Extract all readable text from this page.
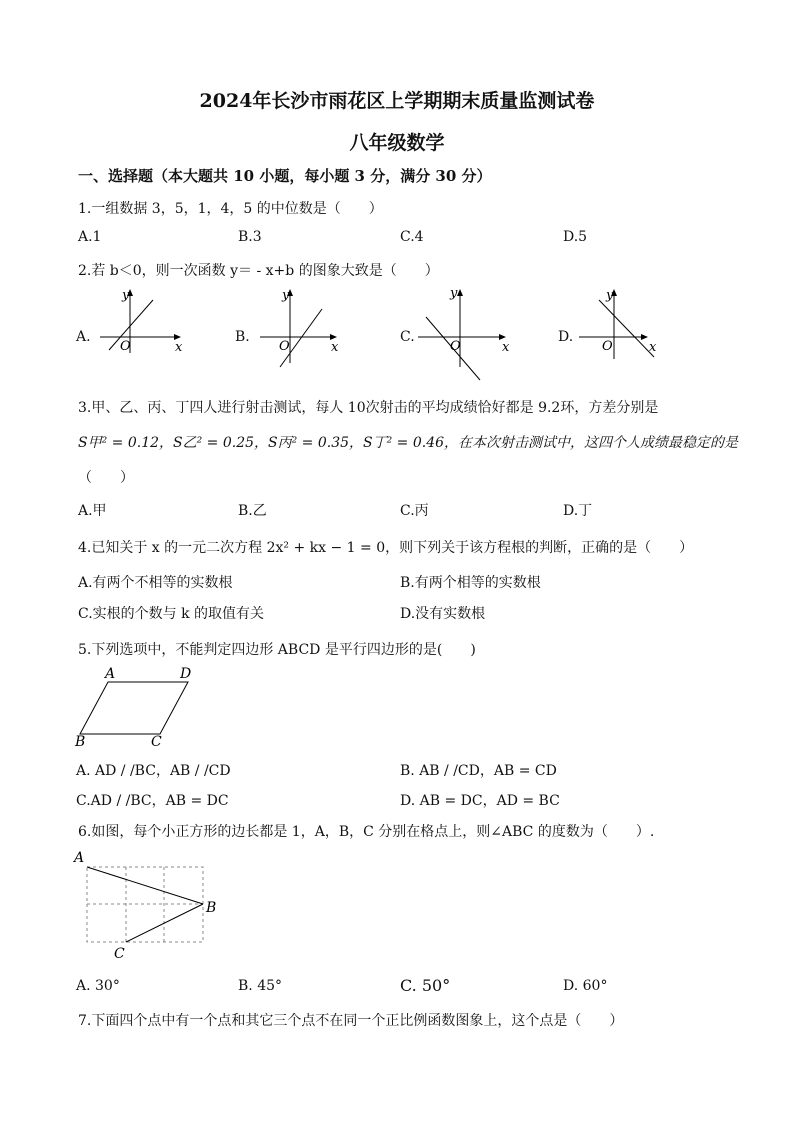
2024年长沙市雨花区上学期期末质量监测试卷
八年级数学
一、选择题（本大题共 10 小题，每小题 3 分，满分 30 分）
1.一组数据 3，5，1，4，5 的中位数是（　　）
A.1	B.3	C.4	D.5
2.若 b＜0，则一次函数 y＝ - x+b 的图象大致是（　　）
A.
x
y
O
B.
x
y
O
C.
x
y
O
D.
x
y
O
3.甲、乙、丙、丁四人进行射击测试，每人 10次射击的平均成绩恰好都是 9.2环，方差分别是
S甲² = 0.12，S乙² = 0.25，S丙² = 0.35，S丁² = 0.46，在本次射击测试中，这四个人成绩最稳定的是
（　　）
A.甲	B.乙	C.丙	D.丁
4.已知关于 x 的一元二次方程 2x² + kx − 1 = 0，则下列关于该方程根的判断，正确的是（　　）
A.有两个不相等的实数根	B.有两个相等的实数根
C.实根的个数与 k 的取值有关	D.没有实数根
5.下列选项中，不能判定四边形 ABCD 是平行四边形的是(　　)
A	D
B	C
A. AD / /BC，AB / /CD	B. AB / /CD，AB = CD
C.AD / /BC，AB = DC	D. AB = DC，AD = BC
6.如图，每个小正方形的边长都是 1，A，B，C 分别在格点上，则∠ABC 的度数为（　　）.
A
B
C
A. 30°	B. 45°	C. 50°	D. 60°
7.下面四个点中有一个点和其它三个点不在同一个正比例函数图象上，这个点是（　　）
